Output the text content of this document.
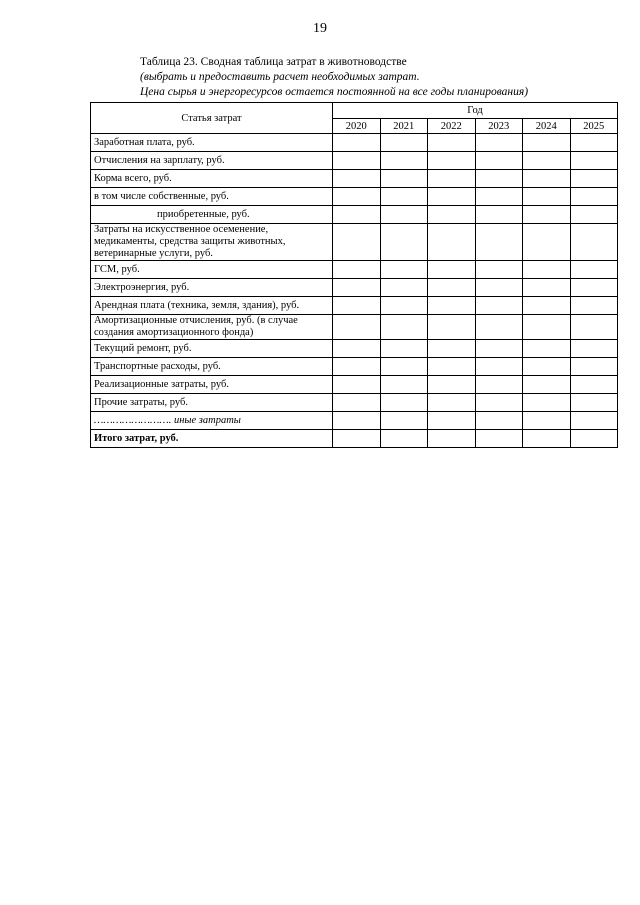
19
Таблица 23. Сводная таблица затрат в животноводстве
(выбрать и предоставить расчет необходимых затрат.
Цена сырья и энергоресурсов остается постоянной на все годы планирования)
Статья затрат	Год					
	2020	2021	2022	2023	2024	2025
Заработная плата, руб.						
Отчисления на зарплату, руб.						
Корма всего, руб.						
в том числе собственные, руб.						
приобретенные, руб.						
Затраты на искусственное осеменение, медикаменты, средства защиты животных, ветеринарные услуги, руб.						
ГСМ, руб.						
Электроэнергия, руб.						
Арендная плата (техника, земля, здания), руб.						
Амортизационные отчисления, руб. (в случае создания амортизационного фонда)						
Текущий ремонт, руб.						
Транспортные расходы, руб.						
Реализационные затраты, руб.						
Прочие затраты, руб.						
……………………. иные затраты						
Итого затрат, руб.						
